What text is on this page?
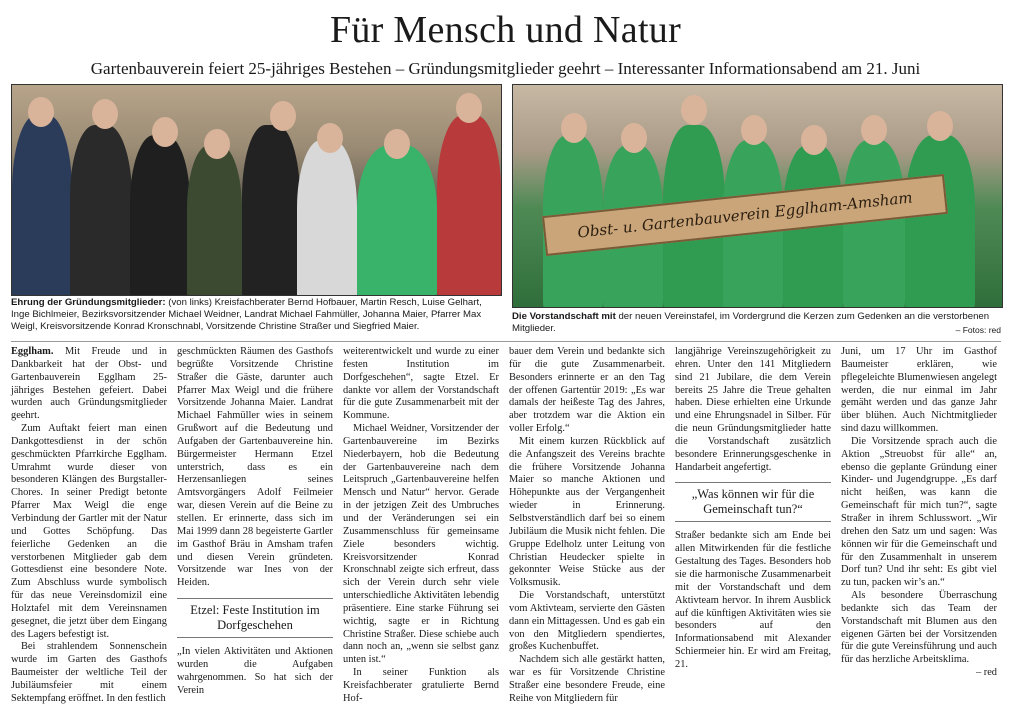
Für Mensch und Natur
Gartenbauverein feiert 25-jähriges Bestehen – Gründungsmitglieder geehrt – Interessanter Informationsabend am 21. Juni
Ehrung der Gründungsmitglieder: (von links) Kreisfachberater Bernd Hofbauer, Martin Resch, Luise Gelhart, Inge Bichlmeier, Bezirksvorsitzender Michael Weidner, Landrat Michael Fahmüller, Johanna Maier, Pfarrer Max Weigl, Kreisvorsitzende Konrad Kronschnabl, Vorsitzende Christine Straßer und Siegfried Maier.
Obst- u. Gartenbauverein Egglham-Amsham
Die Vorstandschaft mit der neuen Vereinstafel, im Vordergrund die Kerzen zum Gedenken an die verstorbenen Mitglieder.	– Fotos: red

Egglham. Mit Freude und in Dankbarkeit hat der Obst- und Gartenbauverein Egglham 25-jähriges Bestehen gefeiert. Dabei wurden auch Gründungsmitglieder geehrt.

Zum Auftakt feiert man einen Dankgottesdienst in der schön geschmückten Pfarrkirche Egglham. Umrahmt wurde dieser von besonderen Klängen des Burgstaller-Chores. In seiner Predigt betonte Pfarrer Max Weigl die enge Verbindung der Gartler mit der Natur und Gottes Schöpfung. Das feierliche Gedenken an die verstorbenen Mitglieder gab dem Gottesdienst eine besondere Note. Zum Abschluss wurde symbolisch für das neue Vereinsdomizil eine Holztafel mit dem Vereinsnamen gesegnet, die jetzt über dem Eingang des Lagers befestigt ist.

Bei strahlendem Sonnenschein wurde im Garten des Gasthofs Baumeister der weltliche Teil der Jubiläumsfeier mit einem Sektempfang eröffnet. In den festlich

geschmückten Räumen des Gasthofs begrüßte Vorsitzende Christine Straßer die Gäste, darunter auch Pfarrer Max Weigl und die frühere Vorsitzende Johanna Maier. Landrat Michael Fahmüller wies in seinem Grußwort auf die Bedeutung und Aufgaben der Gartenbauvereine hin. Bürgermeister Hermann Etzel unterstrich, dass es ein Herzensanliegen seines Amtsvorgängers Adolf Feilmeier war, diesen Verein auf die Beine zu stellen. Er erinnerte, dass sich im Mai 1999 dann 28 begeisterte Gartler im Gasthof Bräu in Amsham trafen und diesen Verein gründeten. Vorsitzende war Ines von der Heiden.

Etzel: Feste Institution im Dorfgeschehen

„In vielen Aktivitäten und Aktionen wurden die Aufgaben wahrgenommen. So hat sich der Verein

weiterentwickelt und wurde zu einer festen Institution im Dorfgeschehen“, sagte Etzel. Er dankte vor allem der Vorstandschaft für die gute Zusammenarbeit mit der Kommune.

Michael Weidner, Vorsitzender der Gartenbauvereine im Bezirks Niederbayern, hob die Bedeutung der Gartenbauvereine nach dem Leitspruch „Gartenbauvereine helfen Mensch und Natur“ hervor. Gerade in der jetzigen Zeit des Umbruches und der Veränderungen sei ein Zusammenschluss für gemeinsame Ziele besonders wichtig. Kreisvorsitzender Konrad Kronschnabl zeigte sich erfreut, dass sich der Verein durch sehr viele unterschiedliche Aktivitäten lebendig präsentiere. Eine starke Führung sei wichtig, sagte er in Richtung Christine Straßer. Diese schiebe auch dann noch an, „wenn sie selbst ganz unten ist.“

In seiner Funktion als Kreisfachberater gratulierte Bernd Hof-

bauer dem Verein und bedankte sich für die gute Zusammenarbeit. Besonders erinnerte er an den Tag der offenen Gartentür 2019: „Es war damals der heißeste Tag des Jahres, aber trotzdem war die Aktion ein voller Erfolg.“

Mit einem kurzen Rückblick auf die Anfangszeit des Vereins brachte die frühere Vorsitzende Johanna Maier so manche Aktionen und Höhepunkte aus der Vergangenheit wieder in Erinnerung. Selbstverständlich darf bei so einem Jubiläum die Musik nicht fehlen. Die Gruppe Edelholz unter Leitung von Christian Heudecker spielte in gekonnter Weise Stücke aus der Volksmusik.

Die Vorstandschaft, unterstützt vom Aktivteam, servierte den Gästen dann ein Mittagessen. Und es gab ein von den Mitgliedern spendiertes, großes Kuchenbuffet.

Nachdem sich alle gestärkt hatten, war es für Vorsitzende Christine Straßer eine besondere Freude, eine Reihe von Mitgliedern für

langjährige Vereinszugehörigkeit zu ehren. Unter den 141 Mitgliedern sind 21 Jubilare, die dem Verein bereits 25 Jahre die Treue gehalten haben. Diese erhielten eine Urkunde und eine Ehrungsnadel in Silber. Für die neun Gründungsmitglieder hatte die Vorstandschaft zusätzlich besondere Erinnerungsgeschenke in Handarbeit angefertigt.

„Was können wir für die Gemeinschaft tun?“

Straßer bedankte sich am Ende bei allen Mitwirkenden für die festliche Gestaltung des Tages. Besonders hob sie die harmonische Zusammenarbeit mit der Vorstandschaft und dem Aktivteam hervor. In ihrem Ausblick auf die künftigen Aktivitäten wies sie besonders auf den Informationsabend mit Alexander Schiermeier hin. Er wird am Freitag, 21.

Juni, um 17 Uhr im Gasthof Baumeister erklären, wie pflegeleichte Blumenwiesen angelegt werden, die nur einmal im Jahr gemäht werden und das ganze Jahr über blühen. Auch Nichtmitglieder sind dazu willkommen.

Die Vorsitzende sprach auch die Aktion „Streuobst für alle“ an, ebenso die geplante Gründung einer Kinder- und Jugendgruppe. „Es darf nicht heißen, was kann die Gemeinschaft für mich tun?“, sagte Straßer in ihrem Schlusswort. „Wir drehen den Satz um und sagen: Was können wir für die Gemeinschaft und für den Zusammenhalt in unserem Dorf tun? Und ihr seht: Es gibt viel zu tun, packen wir’s an.“

Als besondere Überraschung bedankte sich das Team der Vorstandschaft mit Blumen aus den eigenen Gärten bei der Vorsitzenden für die gute Vereinsführung und auch für das herzliche Arbeitsklima.

– red
